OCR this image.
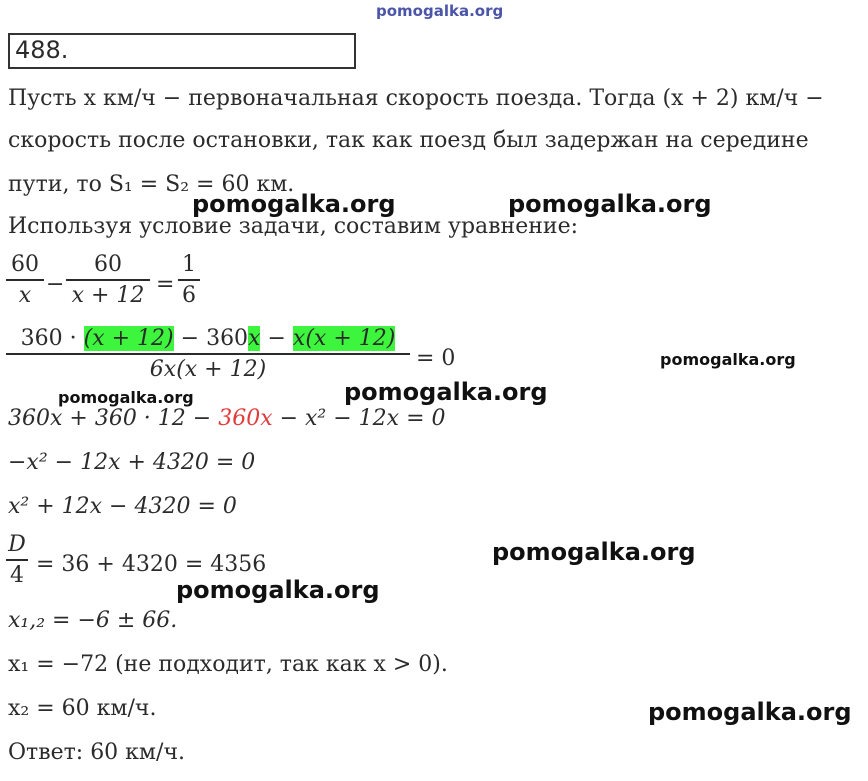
pomogalka.org
pomogalka.org	pomogalka.org
pomogalka.org
pomogalka.org	pomogalka.org
pomogalka.org
pomogalka.org
pomogalka.org
488.
Пусть x км/ч − первоначальная скорость поезда. Тогда (x + 2) км/ч −
скорость после остановки, так как поезд был задержан на середине
пути, то S₁ = S₂ = 60 км.
Используя условие задачи, составим уравнение:
60
x −
60
x + 12 =
1
6
360 · (x + 12) − 360x − x(x + 12)
6x(x + 12)	= 0
360x + 360 · 12 − 360x − x² − 12x = 0
−x² − 12x + 4320 = 0
x² + 12x − 4320 = 0
D
4 = 36 + 4320 = 4356
x₁,₂ = −6 ± 66.
x₁ = −72 (не подходит, так как x > 0).
x₂ = 60 км/ч.
Ответ: 60 км/ч.
